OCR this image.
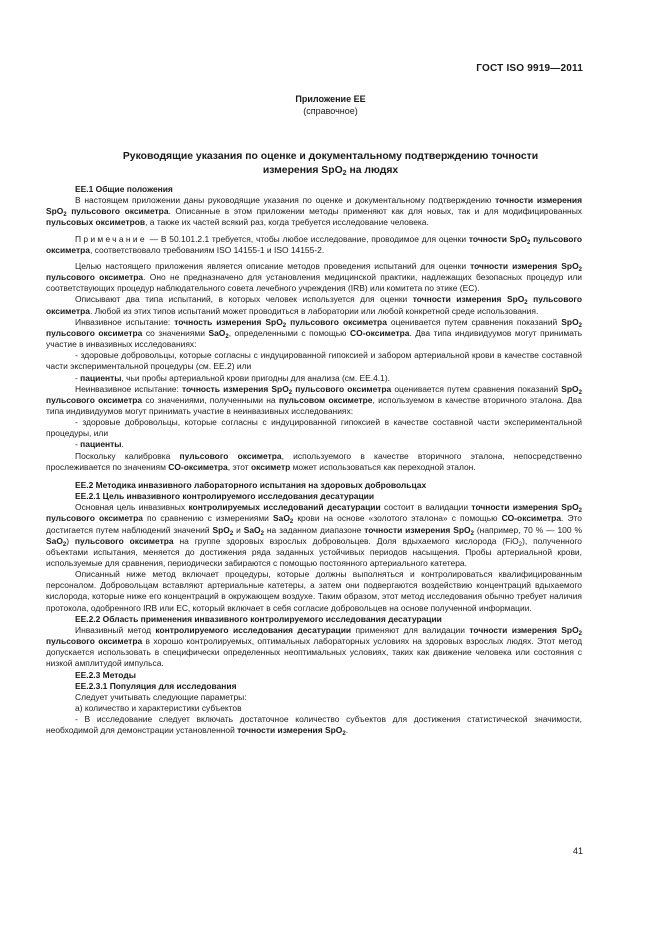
ГОСТ ISO 9919—2011
Приложение ЕЕ
(справочное)
Руководящие указания по оценке и документальному подтверждению точности
измерения SpO$_2$ на людях

ЕЕ.1 Общие положения

В настоящем приложении даны руководящие указания по оценке и документальному подтверждению точности измерения SpO$_2$ пульсового оксиметра. Описанные в этом приложении методы применяют как для новых, так и для модифицированных пульсовых оксиметров, а также их частей всякий раз, когда требуется исследование человека.

Примечание — В 50.101.2.1 требуется, чтобы любое исследование, проводимое для оценки точности SpO$_2$ пульсового оксиметра, соответствовало требованиям ISO 14155-1 и ISO 14155-2.

Целью настоящего приложения является описание методов проведения испытаний для оценки точности измерения SpO$_2$ пульсового оксиметра. Оно не предназначено для установления медицинской практики, надлежащих безопасных процедур или соответствующих процедур наблюдательного совета лечебного учреждения (IRB) или комитета по этике (ЕС).

Описывают два типа испытаний, в которых человек используется для оценки точности измерения SpO$_2$ пульсового оксиметра. Любой из этих типов испытаний может проводиться в лаборатории или любой конкретной среде использования.

Инвазивное испытание: точность измерения SpO$_2$ пульсового оксиметра оценивается путем сравнения показаний SpO$_2$ пульсового оксиметра со значениями SaO$_2$, определенными с помощью CO-оксиметра. Два типа индивидуумов могут принимать участие в инвазивных исследованиях:

- здоровые добровольцы, которые согласны с индуцированной гипоксией и забором артериальной крови в качестве составной части экспериментальной процедуры (см. ЕЕ.2) или

- пациенты, чьи пробы артериальной крови пригодны для анализа (см. ЕЕ.4.1).

Неинвазивное испытание: точность измерения SpO$_2$ пульсового оксиметра оценивается путем сравнения показаний SpO$_2$ пульсового оксиметра со значениями, полученными на пульсовом оксиметре, используемом в качестве вторичного эталона. Два типа индивидуумов могут принимать участие в неинвазивных исследованиях:

- здоровые добровольцы, которые согласны с индуцированной гипоксией в качестве составной части экспериментальной процедуры, или

- пациенты.

Поскольку калибровка пульсового оксиметра, используемого в качестве вторичного эталона, непосредственно прослеживается по значениям CO-оксиметра, этот оксиметр может использоваться как переходной эталон.

ЕЕ.2 Методика инвазивного лабораторного испытания на здоровых добровольцах

ЕЕ.2.1 Цель инвазивного контролируемого исследования десатурации

Основная цель инвазивных контролируемых исследований десатурации состоит в валидации точности измерения SpO$_2$ пульсового оксиметра по сравнению с измерениями SaO$_2$ крови на основе «золотого эталона» с помощью CO-оксиметра. Это достигается путем наблюдений значений SpO$_2$ и SaO$_2$ на заданном диапазоне точности измерения SpO$_2$ (например, 70 % — 100 % SaO$_2$) пульсового оксиметра на группе здоровых взрослых добровольцев. Доля вдыхаемого кислорода (FiO$_2$), полученного объектами испытания, меняется до достижения ряда заданных устойчивых периодов насыщения. Пробы артериальной крови, используемые для сравнения, периодически забираются с помощью постоянного артериального катетера.

Описанный ниже метод включает процедуры, которые должны выполняться и контролироваться квалифицированным персоналом. Добровольцам вставляют артериальные катетеры, а затем они подвергаются воздействию концентраций вдыхаемого кислорода, которые ниже его концентраций в окружающем воздухе. Таким образом, этот метод исследования обычно требует наличия протокола, одобренного IRB или ЕС, который включает в себя согласие добровольцев на основе полученной информации.

ЕЕ.2.2 Область применения инвазивного контролируемого исследования десатурации

Инвазивный метод контролируемого исследования десатурации применяют для валидации точности измерения SpO$_2$ пульсового оксиметра в хорошо контролируемых, оптимальных лабораторных условиях на здоровых взрослых людях. Этот метод допускается использовать в специфически определенных неоптимальных условиях, таких как движение человека или состояния с низкой амплитудой импульса.

ЕЕ.2.3 Методы

ЕЕ.2.3.1 Популяция для исследования

Следует учитывать следующие параметры:

а) количество и характеристики субъектов

- В исследование следует включать достаточное количество субъектов для достижения статистической значимости, необходимой для демонстрации установленной точности измерения SpO$_2$.

41
